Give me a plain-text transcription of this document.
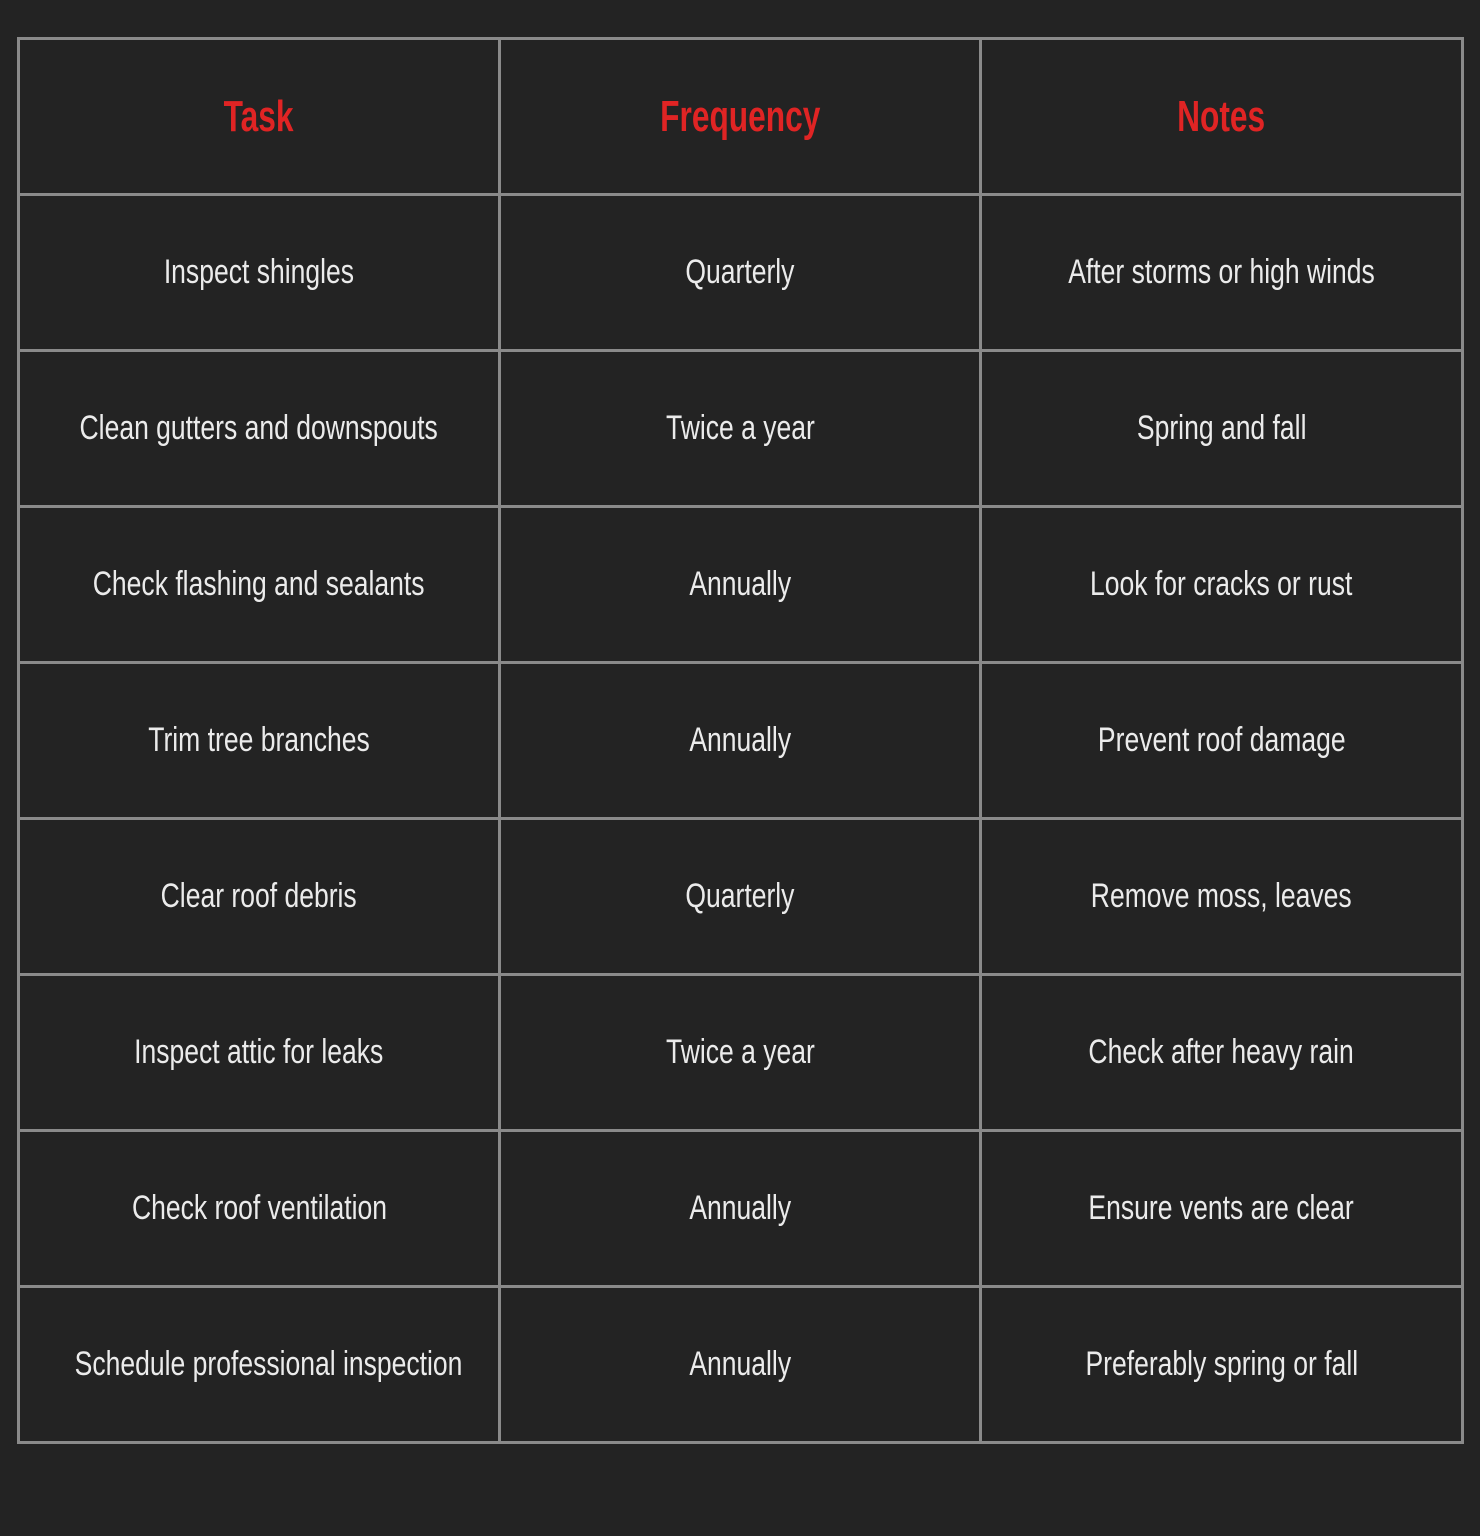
Task	Frequency	Notes
Inspect shingles	Quarterly	After storms or high winds
Clean gutters and downspouts	Twice a year	Spring and fall
Check flashing and sealants	Annually	Look for cracks or rust
Trim tree branches	Annually	Prevent roof damage
Clear roof debris	Quarterly	Remove moss, leaves
Inspect attic for leaks	Twice a year	Check after heavy rain
Check roof ventilation	Annually	Ensure vents are clear
Schedule professional inspection	Annually	Preferably spring or fall
